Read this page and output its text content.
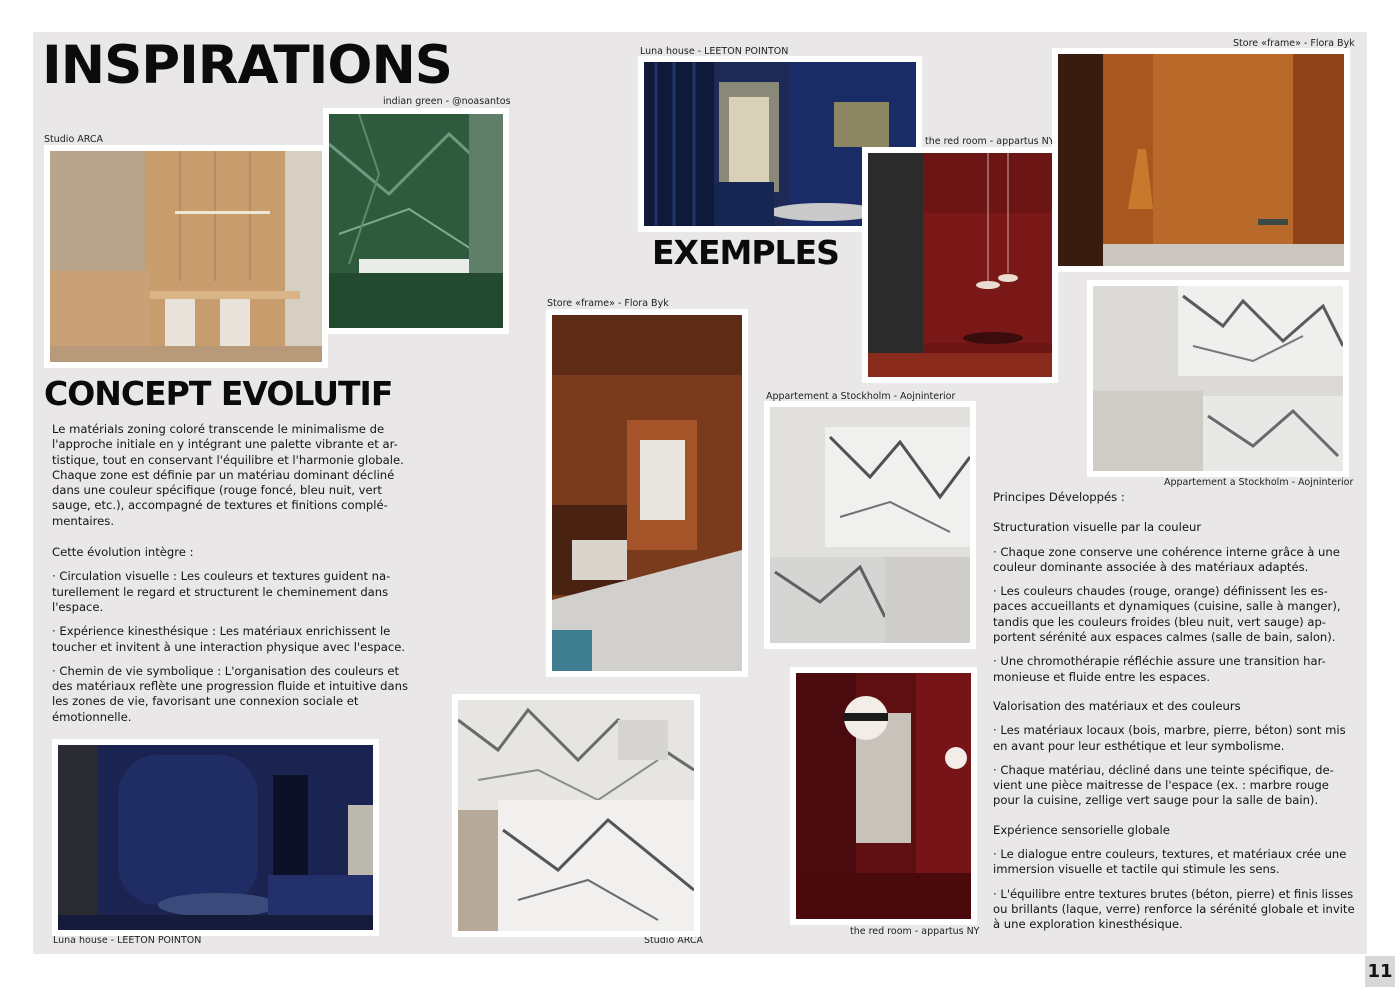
INSPIRATIONS
CONCEPT EVOLUTIF
EXEMPLES
indian green - @noasantos
Studio ARCA
Luna house - LEETON POINTON
Store «frame» - Flora Byk
the red room - appartus NY
Store «frame» - Flora Byk
Appartement a Stockholm - Aojninterior
Appartement a Stockholm - Aojninterior
Luna house - LEETON POINTON	Studio ARCA
the red room - appartus NY

Le matériaIs zoning coloré transcende le minimalisme de l'approche initiale en y intégrant une palette vibrante et ar-tistique, tout en conservant l'équilibre et l'harmonie globale. Chaque zone est définie par un matériau dominant décliné dans une couleur spécifique (rouge foncé, bleu nuit, vert sauge, etc.), accompagné de textures et finitions complé-mentaires.

Cette évolution intègre :

· Circulation visuelle : Les couleurs et textures guident na-turellement le regard et structurent le cheminement dans l'espace.

· Expérience kinesthésique : Les matériaux enrichissent le toucher et invitent à une interaction physique avec l'espace.

· Chemin de vie symbolique : L'organisation des couleurs et des matériaux reflète une progression fluide et intuitive dans les zones de vie, favorisant une connexion sociale et émotionnelle.

Principes Développés :

Structuration visuelle par la couleur

· Chaque zone conserve une cohérence interne grâce à une couleur dominante associée à des matériaux adaptés.

· Les couleurs chaudes (rouge, orange) définissent les es-paces accueillants et dynamiques (cuisine, salle à manger), tandis que les couleurs froides (bleu nuit, vert sauge) ap-portent sérénité aux espaces calmes (salle de bain, salon).

· Une chromothérapie réfléchie assure une transition har-monieuse et fluide entre les espaces.

Valorisation des matériaux et des couleurs

· Les matériaux locaux (bois, marbre, pierre, béton) sont mis en avant pour leur esthétique et leur symbolisme.

· Chaque matériau, décliné dans une teinte spécifique, de-vient une pièce maitresse de l'espace (ex. : marbre rouge pour la cuisine, zellige vert sauge pour la salle de bain).

Expérience sensorielle globale

· Le dialogue entre couleurs, textures, et matériaux crée une immersion visuelle et tactile qui stimule les sens.

· L'équilibre entre textures brutes (béton, pierre) et finis lisses ou brillants (laque, verre) renforce la sérénité globale et invite à une exploration kinesthésique.

11
